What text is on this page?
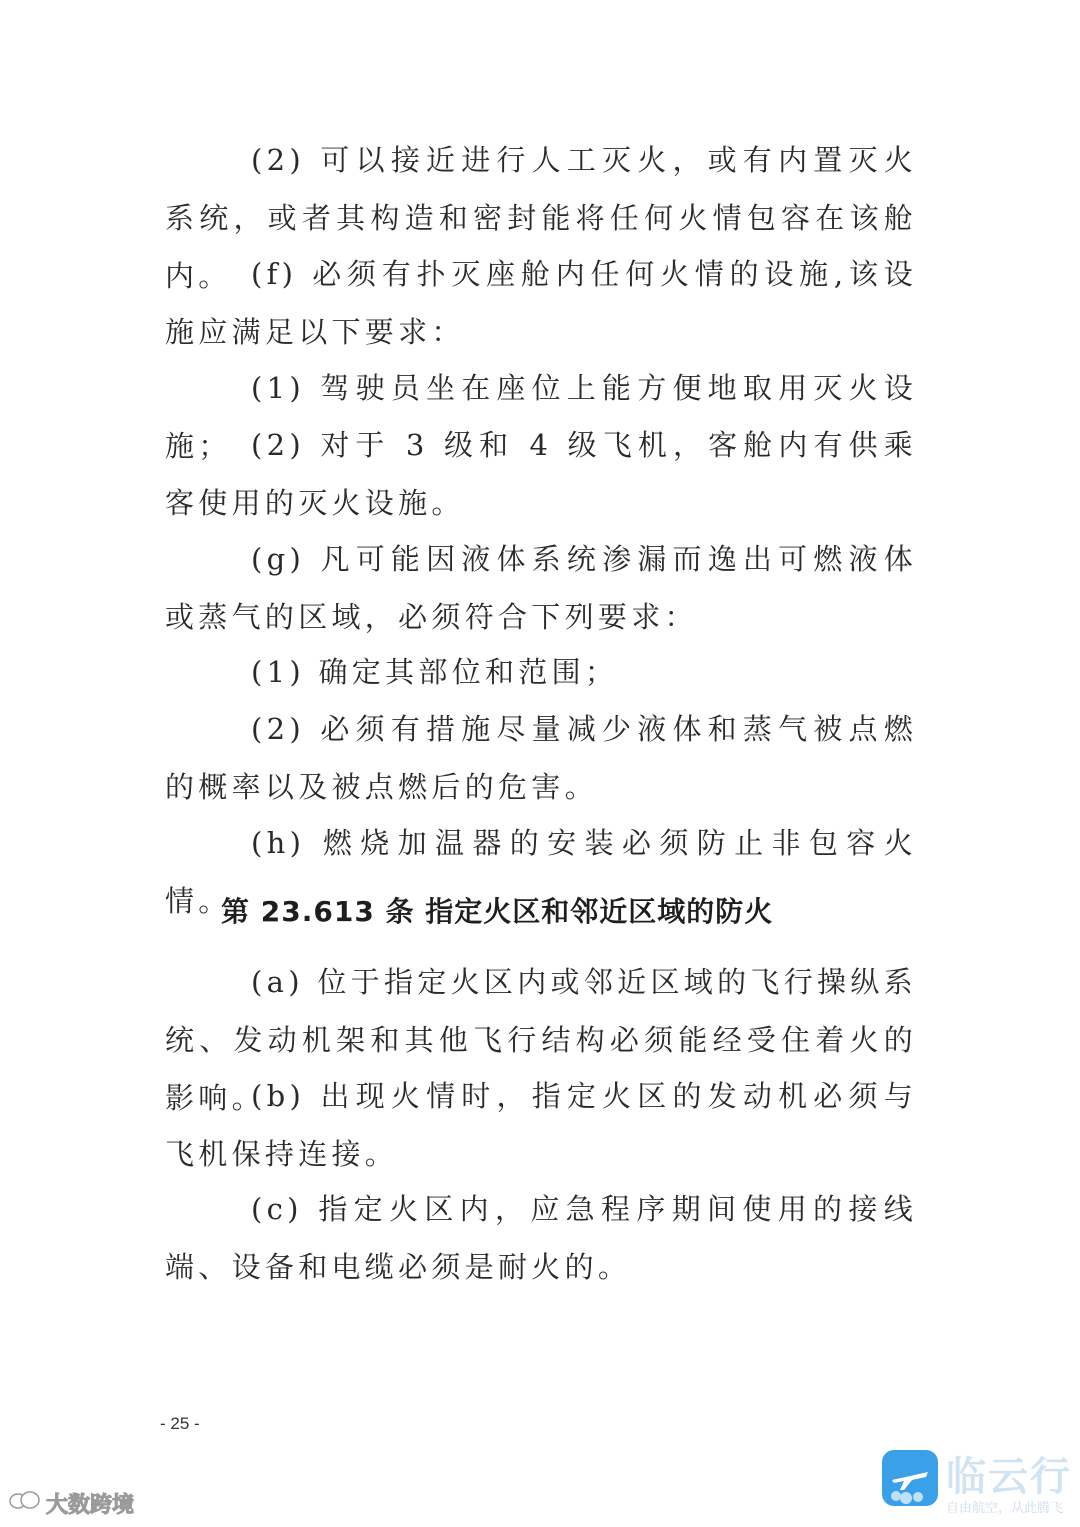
(2) 可以接近进行人工灭火，或有内置灭火系统，或者其构造和密封能将任何火情包容在该舱内。 (f) 必须有扑灭座舱内任何火情的设施,该设施应满足以下要求：

(1) 驾驶员坐在座位上能方便地取用灭火设施； (2) 对于 3 级和 4 级飞机，客舱内有供乘客使用的灭火设施。

(g) 凡可能因液体系统渗漏而逸出可燃液体或蒸气的区域，必须符合下列要求：

(1) 确定其部位和范围；

(2) 必须有措施尽量减少液体和蒸气被点燃的概率以及被点燃后的危害。

(h) 燃烧加温器的安装必须防止非包容火情。

第 23.613 条 指定火区和邻近区域的防火

(a) 位于指定火区内或邻近区域的飞行操纵系统、发动机架和其他飞行结构必须能经受住着火的影响。

(b) 出现火情时，指定火区的发动机必须与飞机保持连接。

(c) 指定火区内，应急程序期间使用的接线端、设备和电缆必须是耐火的。

- 25 -
大数跨境
临云行
自由航空，从此腾飞
